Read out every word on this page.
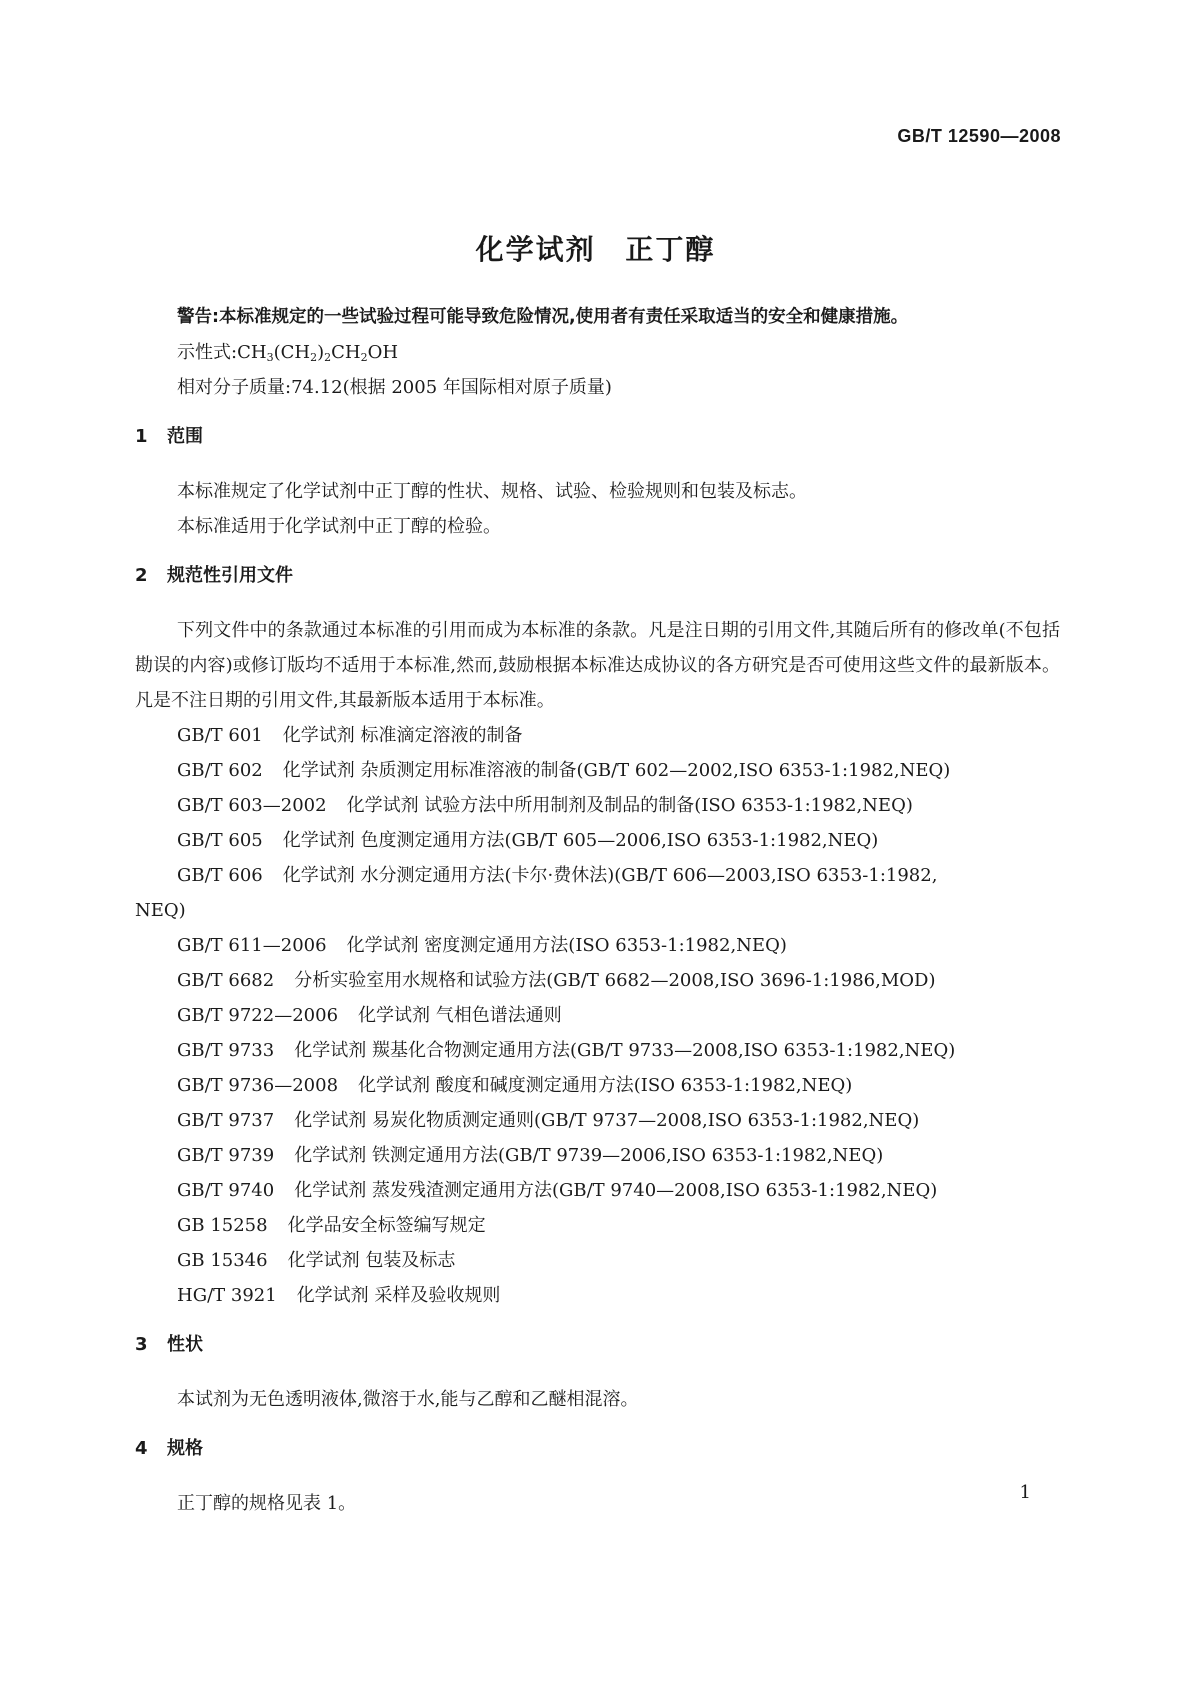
GB/T 12590—2008
化学试剂 正丁醇
警告:本标准规定的一些试验过程可能导致危险情况,使用者有责任采取适当的安全和健康措施。
示性式$:CH_3(CH_2)_2CH_2OH$
相对分子质量:74.12(根据 2005 年国际相对原子质量)
1 范围
本标准规定了化学试剂中正丁醇的性状、规格、试验、检验规则和包装及标志。
本标准适用于化学试剂中正丁醇的检验。
2 规范性引用文件

下列文件中的条款通过本标准的引用而成为本标准的条款。凡是注日期的引用文件,其随后所有的修改单(不包括勘误的内容)或修订版均不适用于本标准,然而,鼓励根据本标准达成协议的各方研究是否可使用这些文件的最新版本。凡是不注日期的引用文件,其最新版本适用于本标准。

GB/T 601 化学试剂 标准滴定溶液的制备
GB/T 602 化学试剂 杂质测定用标准溶液的制备(GB/T 602—2002,ISO 6353-1:1982,NEQ)
GB/T 603—2002 化学试剂 试验方法中所用制剂及制品的制备(ISO 6353-1:1982,NEQ)
GB/T 605 化学试剂 色度测定通用方法(GB/T 605—2006,ISO 6353-1:1982,NEQ)
GB/T 606 化学试剂 水分测定通用方法(卡尔·费休法)(GB/T 606—2003,ISO 6353-1:1982,
NEQ)
GB/T 611—2006 化学试剂 密度测定通用方法(ISO 6353-1:1982,NEQ)
GB/T 6682 分析实验室用水规格和试验方法(GB/T 6682—2008,ISO 3696-1:1986,MOD)
GB/T 9722—2006 化学试剂 气相色谱法通则
GB/T 9733 化学试剂 羰基化合物测定通用方法(GB/T 9733—2008,ISO 6353-1:1982,NEQ)
GB/T 9736—2008 化学试剂 酸度和碱度测定通用方法(ISO 6353-1:1982,NEQ)
GB/T 9737 化学试剂 易炭化物质测定通则(GB/T 9737—2008,ISO 6353-1:1982,NEQ)
GB/T 9739 化学试剂 铁测定通用方法(GB/T 9739—2006,ISO 6353-1:1982,NEQ)
GB/T 9740 化学试剂 蒸发残渣测定通用方法(GB/T 9740—2008,ISO 6353-1:1982,NEQ)
GB 15258 化学品安全标签编写规定
GB 15346 化学试剂 包装及标志
HG/T 3921 化学试剂 采样及验收规则
3 性状
本试剂为无色透明液体,微溶于水,能与乙醇和乙醚相混溶。
4 规格
正丁醇的规格见表 1。
1
